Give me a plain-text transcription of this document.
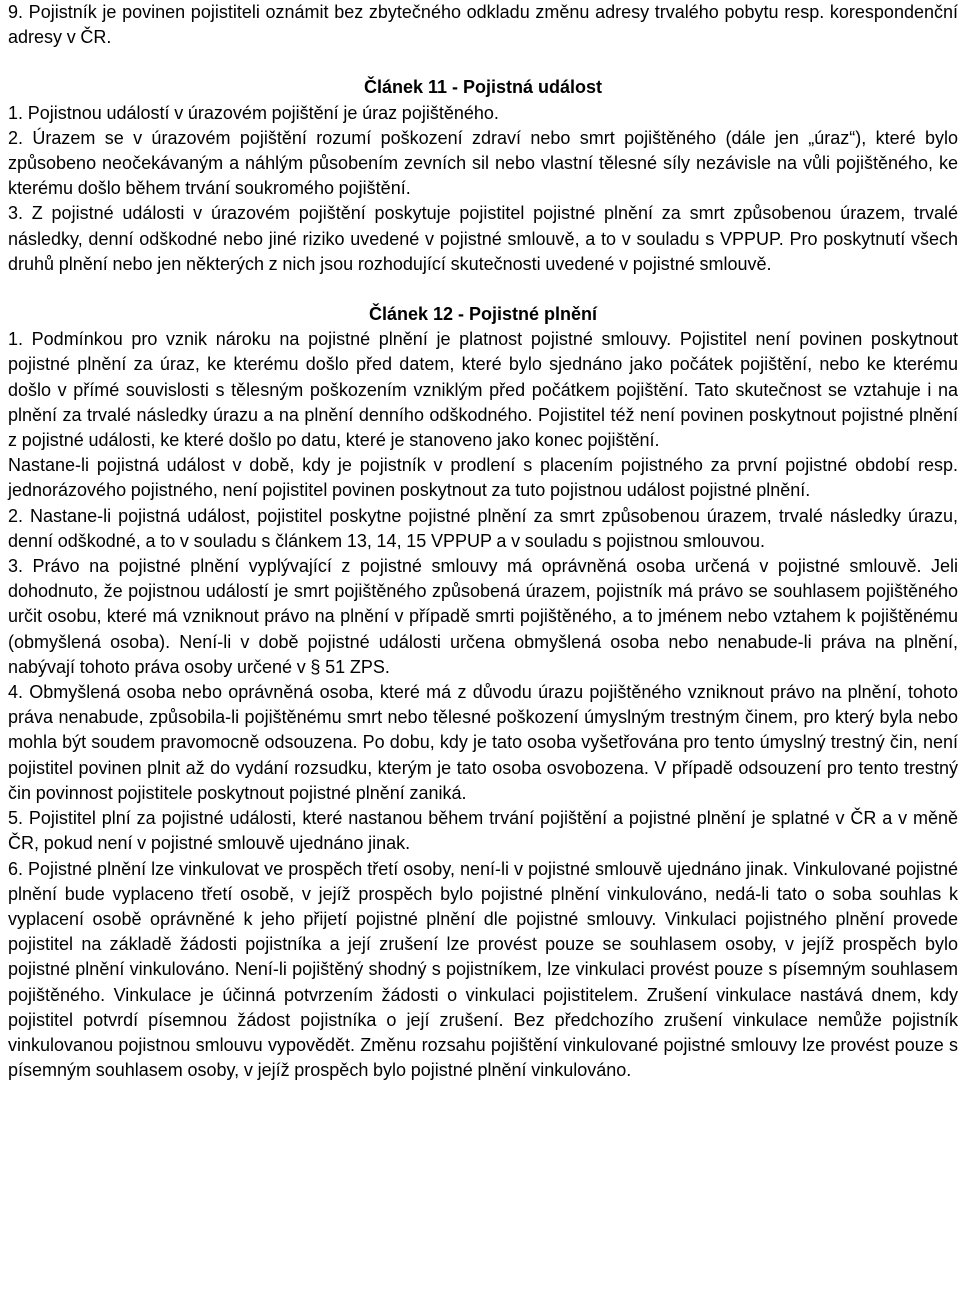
9. Pojistník je povinen pojistiteli oznámit bez zbytečného odkladu změnu adresy trvalého pobytu resp. korespondenční adresy v ČR.

Článek 11 - Pojistná událost

1. Pojistnou událostí v úrazovém pojištění je úraz pojištěného.

2. Úrazem se v úrazovém pojištění rozumí poškození zdraví nebo smrt pojištěného (dále jen „úraz“), které bylo způsobeno neočekávaným a náhlým působením zevních sil nebo vlastní tělesné síly nezávisle na vůli pojištěného, ke kterému došlo během trvání soukromého pojištění.

3. Z pojistné události v úrazovém pojištění poskytuje pojistitel pojistné plnění za smrt způsobenou úrazem, trvalé následky, denní odškodné nebo jiné riziko uvedené v pojistné smlouvě, a to v souladu s VPPUP. Pro poskytnutí všech druhů plnění nebo jen některých z nich jsou rozhodující skutečnosti uvedené v pojistné smlouvě.

Článek 12 - Pojistné plnění

1. Podmínkou pro vznik nároku na pojistné plnění je platnost pojistné smlouvy. Pojistitel není povinen poskytnout pojistné plnění za úraz, ke kterému došlo před datem, které bylo sjednáno jako počátek pojištění, nebo ke kterému došlo v přímé souvislosti s tělesným poškozením vzniklým před počátkem pojištění. Tato skutečnost se vztahuje i na plnění za trvalé následky úrazu a na plnění denního odškodného. Pojistitel též není povinen poskytnout pojistné plnění z pojistné události, ke které došlo po datu, které je stanoveno jako konec pojištění.

Nastane-li pojistná událost v době, kdy je pojistník v prodlení s placením pojistného za první pojistné období resp. jednorázového pojistného, není pojistitel povinen poskytnout za tuto pojistnou událost pojistné plnění.

2. Nastane-li pojistná událost, pojistitel poskytne pojistné plnění za smrt způsobenou úrazem, trvalé následky úrazu, denní odškodné, a to v souladu s článkem 13, 14, 15 VPPUP a v souladu s pojistnou smlouvou.

3. Právo na pojistné plnění vyplývající z pojistné smlouvy má oprávněná osoba určená v pojistné smlouvě. Jeli dohodnuto, že pojistnou událostí je smrt pojištěného způsobená úrazem, pojistník má právo se souhlasem pojištěného určit osobu, které má vzniknout právo na plnění v případě smrti pojištěného, a to jménem nebo vztahem k pojištěnému (obmyšlená osoba). Není-li v době pojistné události určena obmyšlená osoba nebo nenabude-li práva na plnění, nabývají tohoto práva osoby určené v § 51 ZPS.

4. Obmyšlená osoba nebo oprávněná osoba, které má z důvodu úrazu pojištěného vzniknout právo na plnění, tohoto práva nenabude, způsobila-li pojištěnému smrt nebo tělesné poškození úmyslným trestným činem, pro který byla nebo mohla být soudem pravomocně odsouzena. Po dobu, kdy je tato osoba vyšetřována pro tento úmyslný trestný čin, není pojistitel povinen plnit až do vydání rozsudku, kterým je tato osoba osvobozena. V případě odsouzení pro tento trestný čin povinnost pojistitele poskytnout pojistné plnění zaniká.

5. Pojistitel plní za pojistné události, které nastanou během trvání pojištění a pojistné plnění je splatné v ČR a v měně ČR, pokud není v pojistné smlouvě ujednáno jinak.

6. Pojistné plnění lze vinkulovat ve prospěch třetí osoby, není-li v pojistné smlouvě ujednáno jinak. Vinkulované pojistné plnění bude vyplaceno třetí osobě, v jejíž prospěch bylo pojistné plnění vinkulováno, nedá-li tato o soba souhlas k vyplacení osobě oprávněné k jeho přijetí pojistné plnění dle pojistné smlouvy. Vinkulaci pojistného plnění provede pojistitel na základě žádosti pojistníka a její zrušení lze provést pouze se souhlasem osoby, v jejíž prospěch bylo pojistné plnění vinkulováno. Není-li pojištěný shodný s pojistníkem, lze vinkulaci provést pouze s písemným souhlasem pojištěného. Vinkulace je účinná potvrzením žádosti o vinkulaci pojistitelem. Zrušení vinkulace nastává dnem, kdy pojistitel potvrdí písemnou žádost pojistníka o její zrušení. Bez předchozího zrušení vinkulace nemůže pojistník vinkulovanou pojistnou smlouvu vypovědět. Změnu rozsahu pojištění vinkulované pojistné smlouvy lze provést pouze s písemným souhlasem osoby, v jejíž prospěch bylo pojistné plnění vinkulováno.
